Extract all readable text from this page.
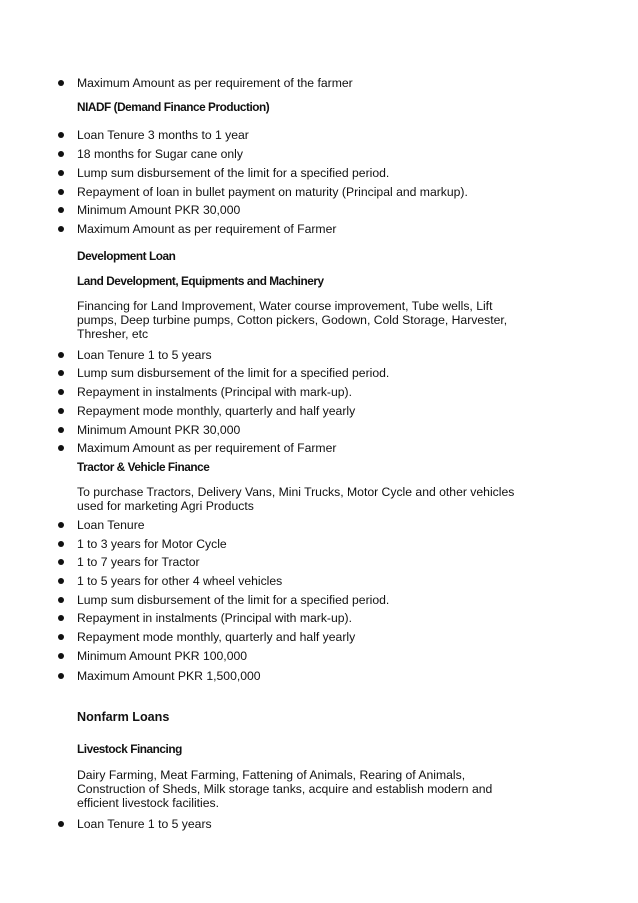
Maximum Amount as per requirement of the farmer
NIADF (Demand Finance Production)
Loan Tenure 3 months to 1 year
18 months for Sugar cane only
Lump sum disbursement of the limit for a specified period.
Repayment of loan in bullet payment on maturity (Principal and markup).
Minimum Amount PKR 30,000
Maximum Amount as per requirement of Farmer
Development Loan
Land Development, Equipments and Machinery
Financing for Land Improvement, Water course improvement, Tube wells, Lift
pumps, Deep turbine pumps, Cotton pickers, Godown, Cold Storage, Harvester,
Thresher, etc
Loan Tenure 1 to 5 years
Lump sum disbursement of the limit for a specified period.
Repayment in instalments (Principal with mark-up).
Repayment mode monthly, quarterly and half yearly
Minimum Amount PKR 30,000
Maximum Amount as per requirement of Farmer
Tractor & Vehicle Finance
To purchase Tractors, Delivery Vans, Mini Trucks, Motor Cycle and other vehicles
used for marketing Agri Products
Loan Tenure
1 to 3 years for Motor Cycle
1 to 7 years for Tractor
1 to 5 years for other 4 wheel vehicles
Lump sum disbursement of the limit for a specified period.
Repayment in instalments (Principal with mark-up).
Repayment mode monthly, quarterly and half yearly
Minimum Amount PKR 100,000
Maximum Amount PKR 1,500,000
Nonfarm Loans
Livestock Financing
Dairy Farming, Meat Farming, Fattening of Animals, Rearing of Animals,
Construction of Sheds, Milk storage tanks, acquire and establish modern and
efficient livestock facilities.
Loan Tenure 1 to 5 years
